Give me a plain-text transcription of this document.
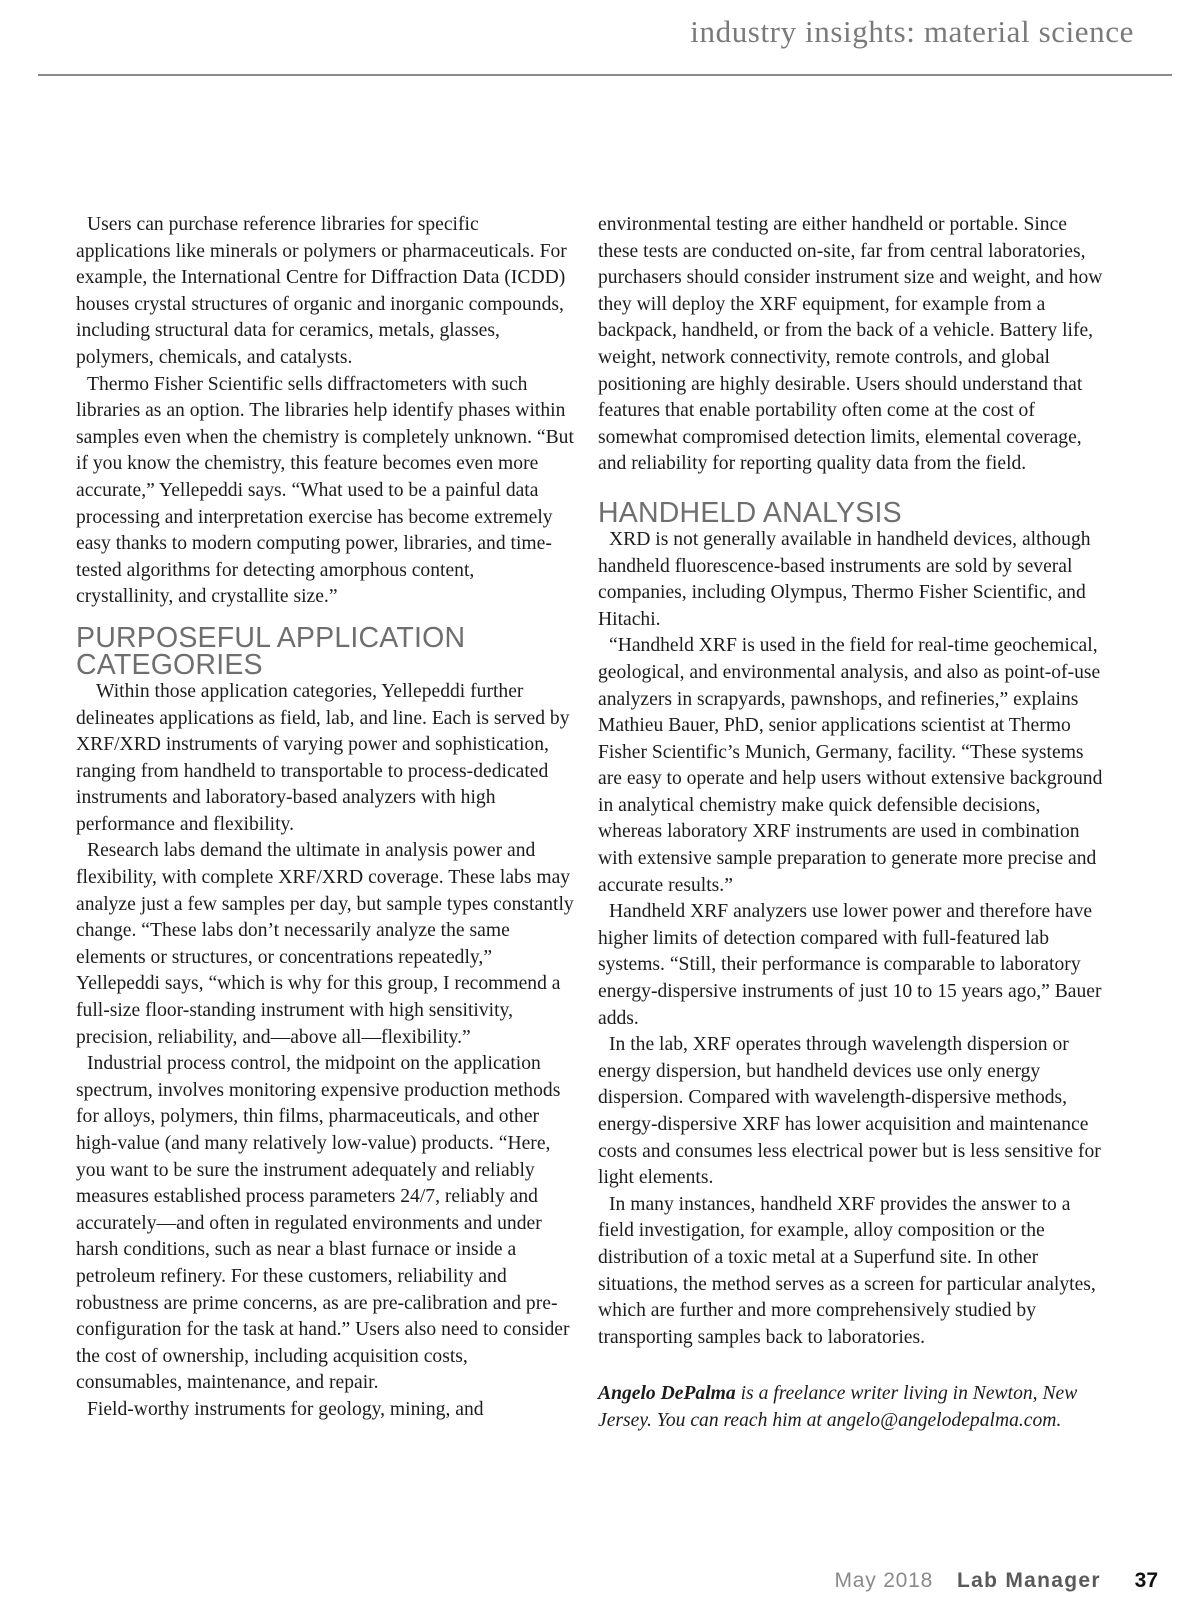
industry insights: material science

Users can purchase reference libraries for specific applications like minerals or polymers or pharmaceuticals. For example, the International Centre for Diffraction Data (ICDD) houses crystal structures of organic and inorganic compounds, including structural data for ceramics, metals, glasses, polymers, chemicals, and catalysts.

Thermo Fisher Scientific sells diffractometers with such libraries as an option. The libraries help identify phases within samples even when the chemistry is completely unknown. “But if you know the chemistry, this feature becomes even more accurate,” Yellepeddi says. “What used to be a painful data processing and interpretation exercise has become extremely easy thanks to modern computing power, libraries, and time-tested algorithms for detecting amorphous content, crystallinity, and crystallite size.”

PURPOSEFUL APPLICATION CATEGORIES

Within those application categories, Yellepeddi further delineates applications as field, lab, and line. Each is served by XRF/XRD instruments of varying power and sophistication, ranging from handheld to transportable to process-dedicated instruments and laboratory-based analyzers with high performance and flexibility.

Research labs demand the ultimate in analysis power and flexibility, with complete XRF/XRD coverage. These labs may analyze just a few samples per day, but sample types constantly change. “These labs don’t necessarily analyze the same elements or structures, or concentrations repeatedly,” Yellepeddi says, “which is why for this group, I recommend a full-size floor-standing instrument with high sensitivity, precision, reliability, and—above all—flexibility.”

Industrial process control, the midpoint on the application spectrum, involves monitoring expensive production methods for alloys, polymers, thin films, pharmaceuticals, and other high-value (and many relatively low-value) products. “Here, you want to be sure the instrument adequately and reliably measures established process parameters 24/7, reliably and accurately—and often in regulated environments and under harsh conditions, such as near a blast furnace or inside a petroleum refinery. For these customers, reliability and robustness are prime concerns, as are pre-calibration and pre-configuration for the task at hand.” Users also need to consider the cost of ownership, including acquisition costs, consumables, maintenance, and repair.

Field-worthy instruments for geology, mining, and

environmental testing are either handheld or portable. Since these tests are conducted on-site, far from central laboratories, purchasers should consider instrument size and weight, and how they will deploy the XRF equipment, for example from a backpack, handheld, or from the back of a vehicle. Battery life, weight, network connectivity, remote controls, and global positioning are highly desirable. Users should understand that features that enable portability often come at the cost of somewhat compromised detection limits, elemental coverage, and reliability for reporting quality data from the field.

HANDHELD ANALYSIS

XRD is not generally available in handheld devices, although handheld fluorescence-based instruments are sold by several companies, including Olympus, Thermo Fisher Scientific, and Hitachi.

“Handheld XRF is used in the field for real-time geochemical, geological, and environmental analysis, and also as point-of-use analyzers in scrapyards, pawnshops, and refineries,” explains Mathieu Bauer, PhD, senior applications scientist at Thermo Fisher Scientific’s Munich, Germany, facility. “These systems are easy to operate and help users without extensive background in analytical chemistry make quick defensible decisions, whereas laboratory XRF instruments are used in combination with extensive sample preparation to generate more precise and accurate results.”

Handheld XRF analyzers use lower power and therefore have higher limits of detection compared with full-featured lab systems. “Still, their performance is comparable to laboratory energy-dispersive instruments of just 10 to 15 years ago,” Bauer adds.

In the lab, XRF operates through wavelength dispersion or energy dispersion, but handheld devices use only energy dispersion. Compared with wavelength-dispersive methods, energy-dispersive XRF has lower acquisition and maintenance costs and consumes less electrical power but is less sensitive for light elements.

In many instances, handheld XRF provides the answer to a field investigation, for example, alloy composition or the distribution of a toxic metal at a Superfund site. In other situations, the method serves as a screen for particular analytes, which are further and more comprehensively studied by transporting samples back to laboratories.

Angelo DePalma is a freelance writer living in Newton, New Jersey. You can reach him at angelo@angelodepalma.com.

May 2018 Lab Manager 37
